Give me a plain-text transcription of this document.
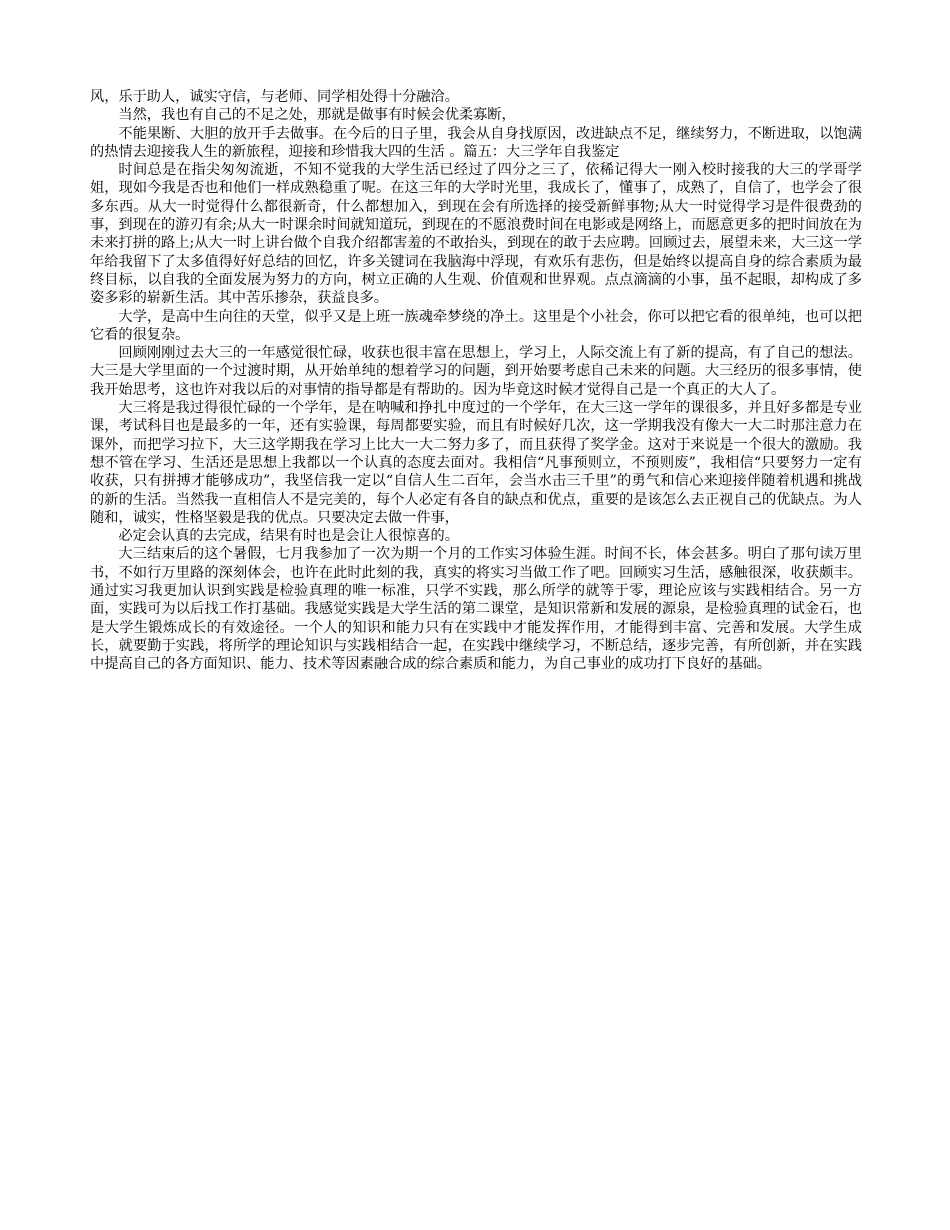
风，乐于助人，诚实守信，与老师、同学相处得十分融洽。

当然，我也有自己的不足之处，那就是做事有时候会优柔寡断，

不能果断、大胆的放开手去做事。在今后的日子里，我会从自身找原因，改进缺点不足，继续努力，不断进取，以饱满的热情去迎接我人生的新旅程，迎接和珍惜我大四的生活 。篇五：大三学年自我鉴定

时间总是在指尖匆匆流逝，不知不觉我的大学生活已经过了四分之三了，依稀记得大一刚入校时接我的大三的学哥学姐，现如今我是否也和他们一样成熟稳重了呢。在这三年的大学时光里，我成长了，懂事了，成熟了，自信了，也学会了很多东西。从大一时觉得什么都很新奇，什么都想加入，到现在会有所选择的接受新鲜事物;从大一时觉得学习是件很费劲的事，到现在的游刃有余;从大一时课余时间就知道玩，到现在的不愿浪费时间在电影或是网络上，而愿意更多的把时间放在为未来打拼的路上;从大一时上讲台做个自我介绍都害羞的不敢抬头，到现在的敢于去应聘。回顾过去，展望未来，大三这一学年给我留下了太多值得好好总结的回忆，许多关键词在我脑海中浮现，有欢乐有悲伤，但是始终以提高自身的综合素质为最终目标，以自我的全面发展为努力的方向，树立正确的人生观、价值观和世界观。点点滴滴的小事，虽不起眼，却构成了多姿多彩的崭新生活。其中苦乐掺杂，获益良多。

大学，是高中生向往的天堂，似乎又是上班一族魂牵梦绕的净土。这里是个小社会，你可以把它看的很单纯，也可以把它看的很复杂。

回顾刚刚过去大三的一年感觉很忙碌，收获也很丰富在思想上，学习上，人际交流上有了新的提高，有了自己的想法。大三是大学里面的一个过渡时期，从开始单纯的想着学习的问题，到开始要考虑自己未来的问题。大三经历的很多事情，使我开始思考，这也许对我以后的对事情的指导都是有帮助的。因为毕竟这时候才觉得自己是一个真正的大人了。

大三将是我过得很忙碌的一个学年，是在呐喊和挣扎中度过的一个学年，在大三这一学年的课很多，并且好多都是专业课，考试科目也是最多的一年，还有实验课，每周都要实验，而且有时候好几次，这一学期我没有像大一大二时那注意力在课外，而把学习拉下，大三这学期我在学习上比大一大二努力多了，而且获得了奖学金。这对于来说是一个很大的激励。我想不管在学习、生活还是思想上我都以一个认真的态度去面对。我相信“凡事预则立，不预则废”，我相信“只要努力一定有收获，只有拼搏才能够成功”，我坚信我一定以“自信人生二百年，会当水击三千里”的勇气和信心来迎接伴随着机遇和挑战的新的生活。当然我一直相信人不是完美的，每个人必定有各自的缺点和优点，重要的是该怎么去正视自己的优缺点。为人随和，诚实，性格坚毅是我的优点。只要决定去做一件事，

必定会认真的去完成，结果有时也是会让人很惊喜的。

大三结束后的这个暑假，七月我参加了一次为期一个月的工作实习体验生涯。时间不长，体会甚多。明白了那句读万里书，不如行万里路的深刻体会，也许在此时此刻的我，真实的将实习当做工作了吧。回顾实习生活，感触很深，收获颇丰。通过实习我更加认识到实践是检验真理的唯一标准，只学不实践，那么所学的就等于零，理论应该与实践相结合。另一方面，实践可为以后找工作打基础。我感觉实践是大学生活的第二课堂，是知识常新和发展的源泉，是检验真理的试金石，也是大学生锻炼成长的有效途径。一个人的知识和能力只有在实践中才能发挥作用，才能得到丰富、完善和发展。大学生成长，就要勤于实践，将所学的理论知识与实践相结合一起，在实践中继续学习，不断总结，逐步完善，有所创新，并在实践中提高自己的各方面知识、能力、技术等因素融合成的综合素质和能力，为自己事业的成功打下良好的基础。
